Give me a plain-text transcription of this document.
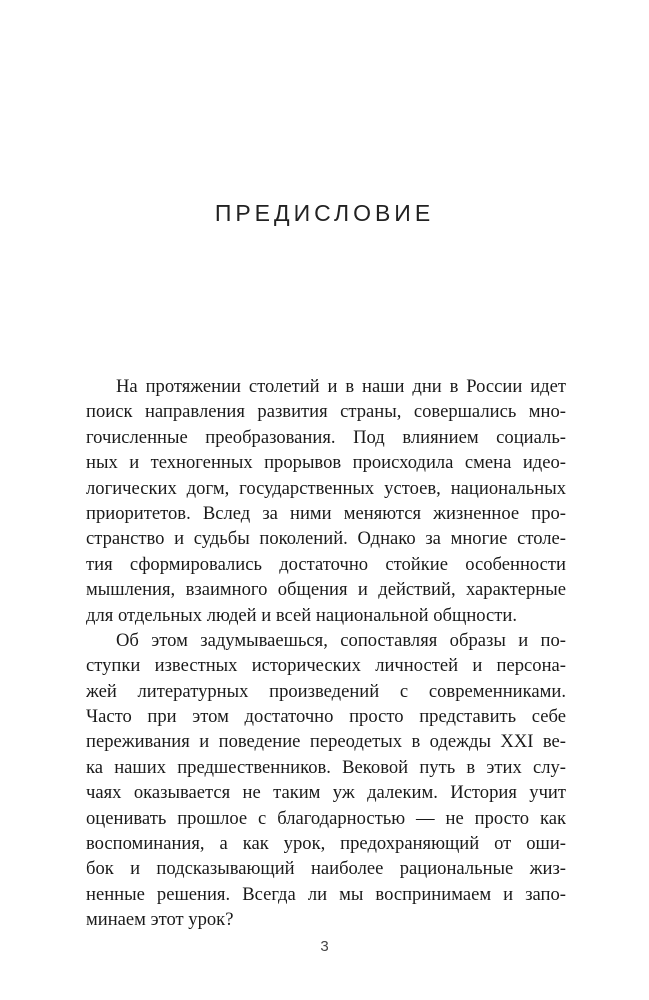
ПРЕДИСЛОВИЕ
На протяжении столетий и в наши дни в России идет
поиск направления развития страны, совершались мно-
гочисленные преобразования. Под влиянием социаль-
ных и техногенных прорывов происходила смена идео-
логических догм, государственных устоев, национальных
приоритетов. Вслед за ними меняются жизненное про-
странство и судьбы поколений. Однако за многие столе-
тия сформировались достаточно стойкие особенности
мышления, взаимного общения и действий, характерные
для отдельных людей и всей национальной общности.
Об этом задумываешься, сопоставляя образы и по-
ступки известных исторических личностей и персона-
жей литературных произведений с современниками.
Часто при этом достаточно просто представить себе
переживания и поведение переодетых в одежды XXI ве-
ка наших предшественников. Вековой путь в этих слу-
чаях оказывается не таким уж далеким. История учит
оценивать прошлое с благодарностью — не просто как
воспоминания, а как урок, предохраняющий от оши-
бок и подсказывающий наиболее рациональные жиз-
ненные решения. Всегда ли мы воспринимаем и запо-
минаем этот урок?
3
